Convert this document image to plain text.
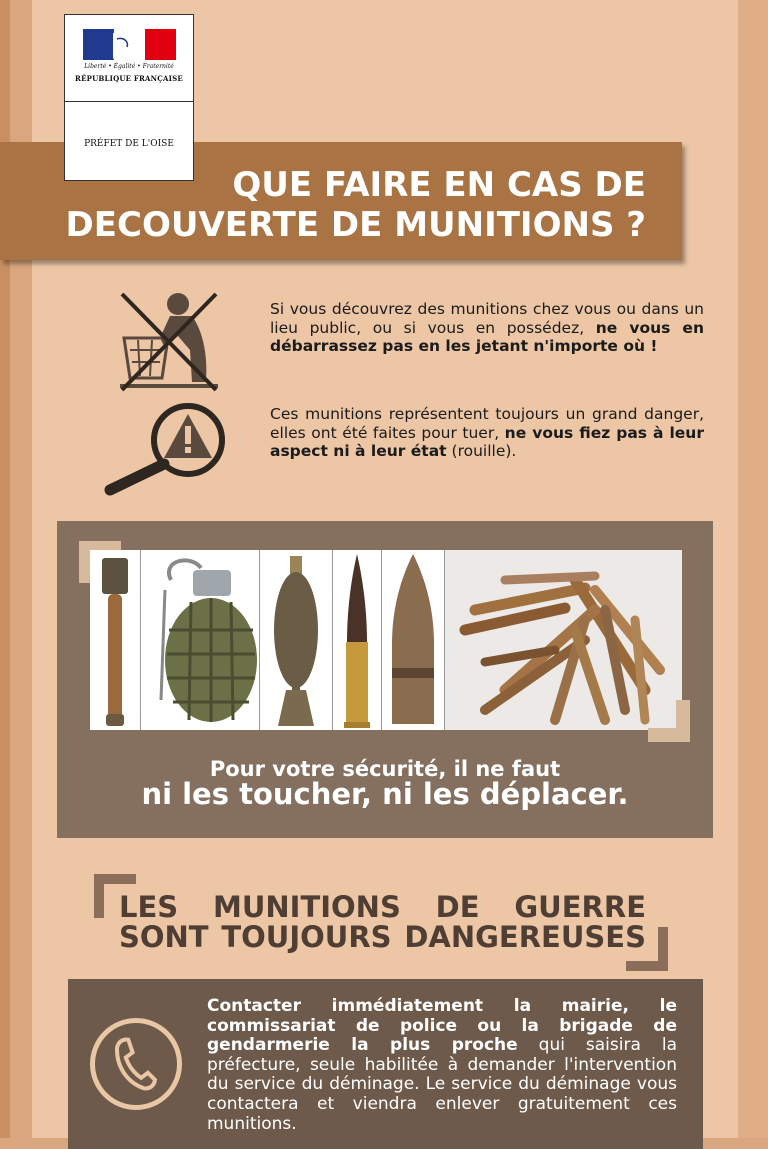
QUE FAIRE EN CAS DE
DECOUVERTE DE MUNITIONS ?
Liberté • Égalité • Fraternité
RÉPUBLIQUE FRANÇAISE
PRÉFET DE L'OISE
Si vous découvrez des munitions chez vous ou dans un lieu public, ou si vous en possédez, ne vous en débarrassez pas en les jetant n'importe où !
Ces munitions représentent toujours un grand danger, elles ont été faites pour tuer, ne vous fiez pas à leur aspect ni à leur état (rouille).
Pour votre sécurité, il ne faut
ni les toucher, ni les déplacer.
LES MUNITIONS DE GUERRE
SONT TOUJOURS DANGEREUSES
Contacter immédiatement la mairie, le commissariat de police ou la brigade de gendarmerie la plus proche qui saisira la préfecture, seule habilitée à demander l'intervention du service du déminage. Le service du déminage vous contactera et viendra enlever gratuitement ces munitions.
